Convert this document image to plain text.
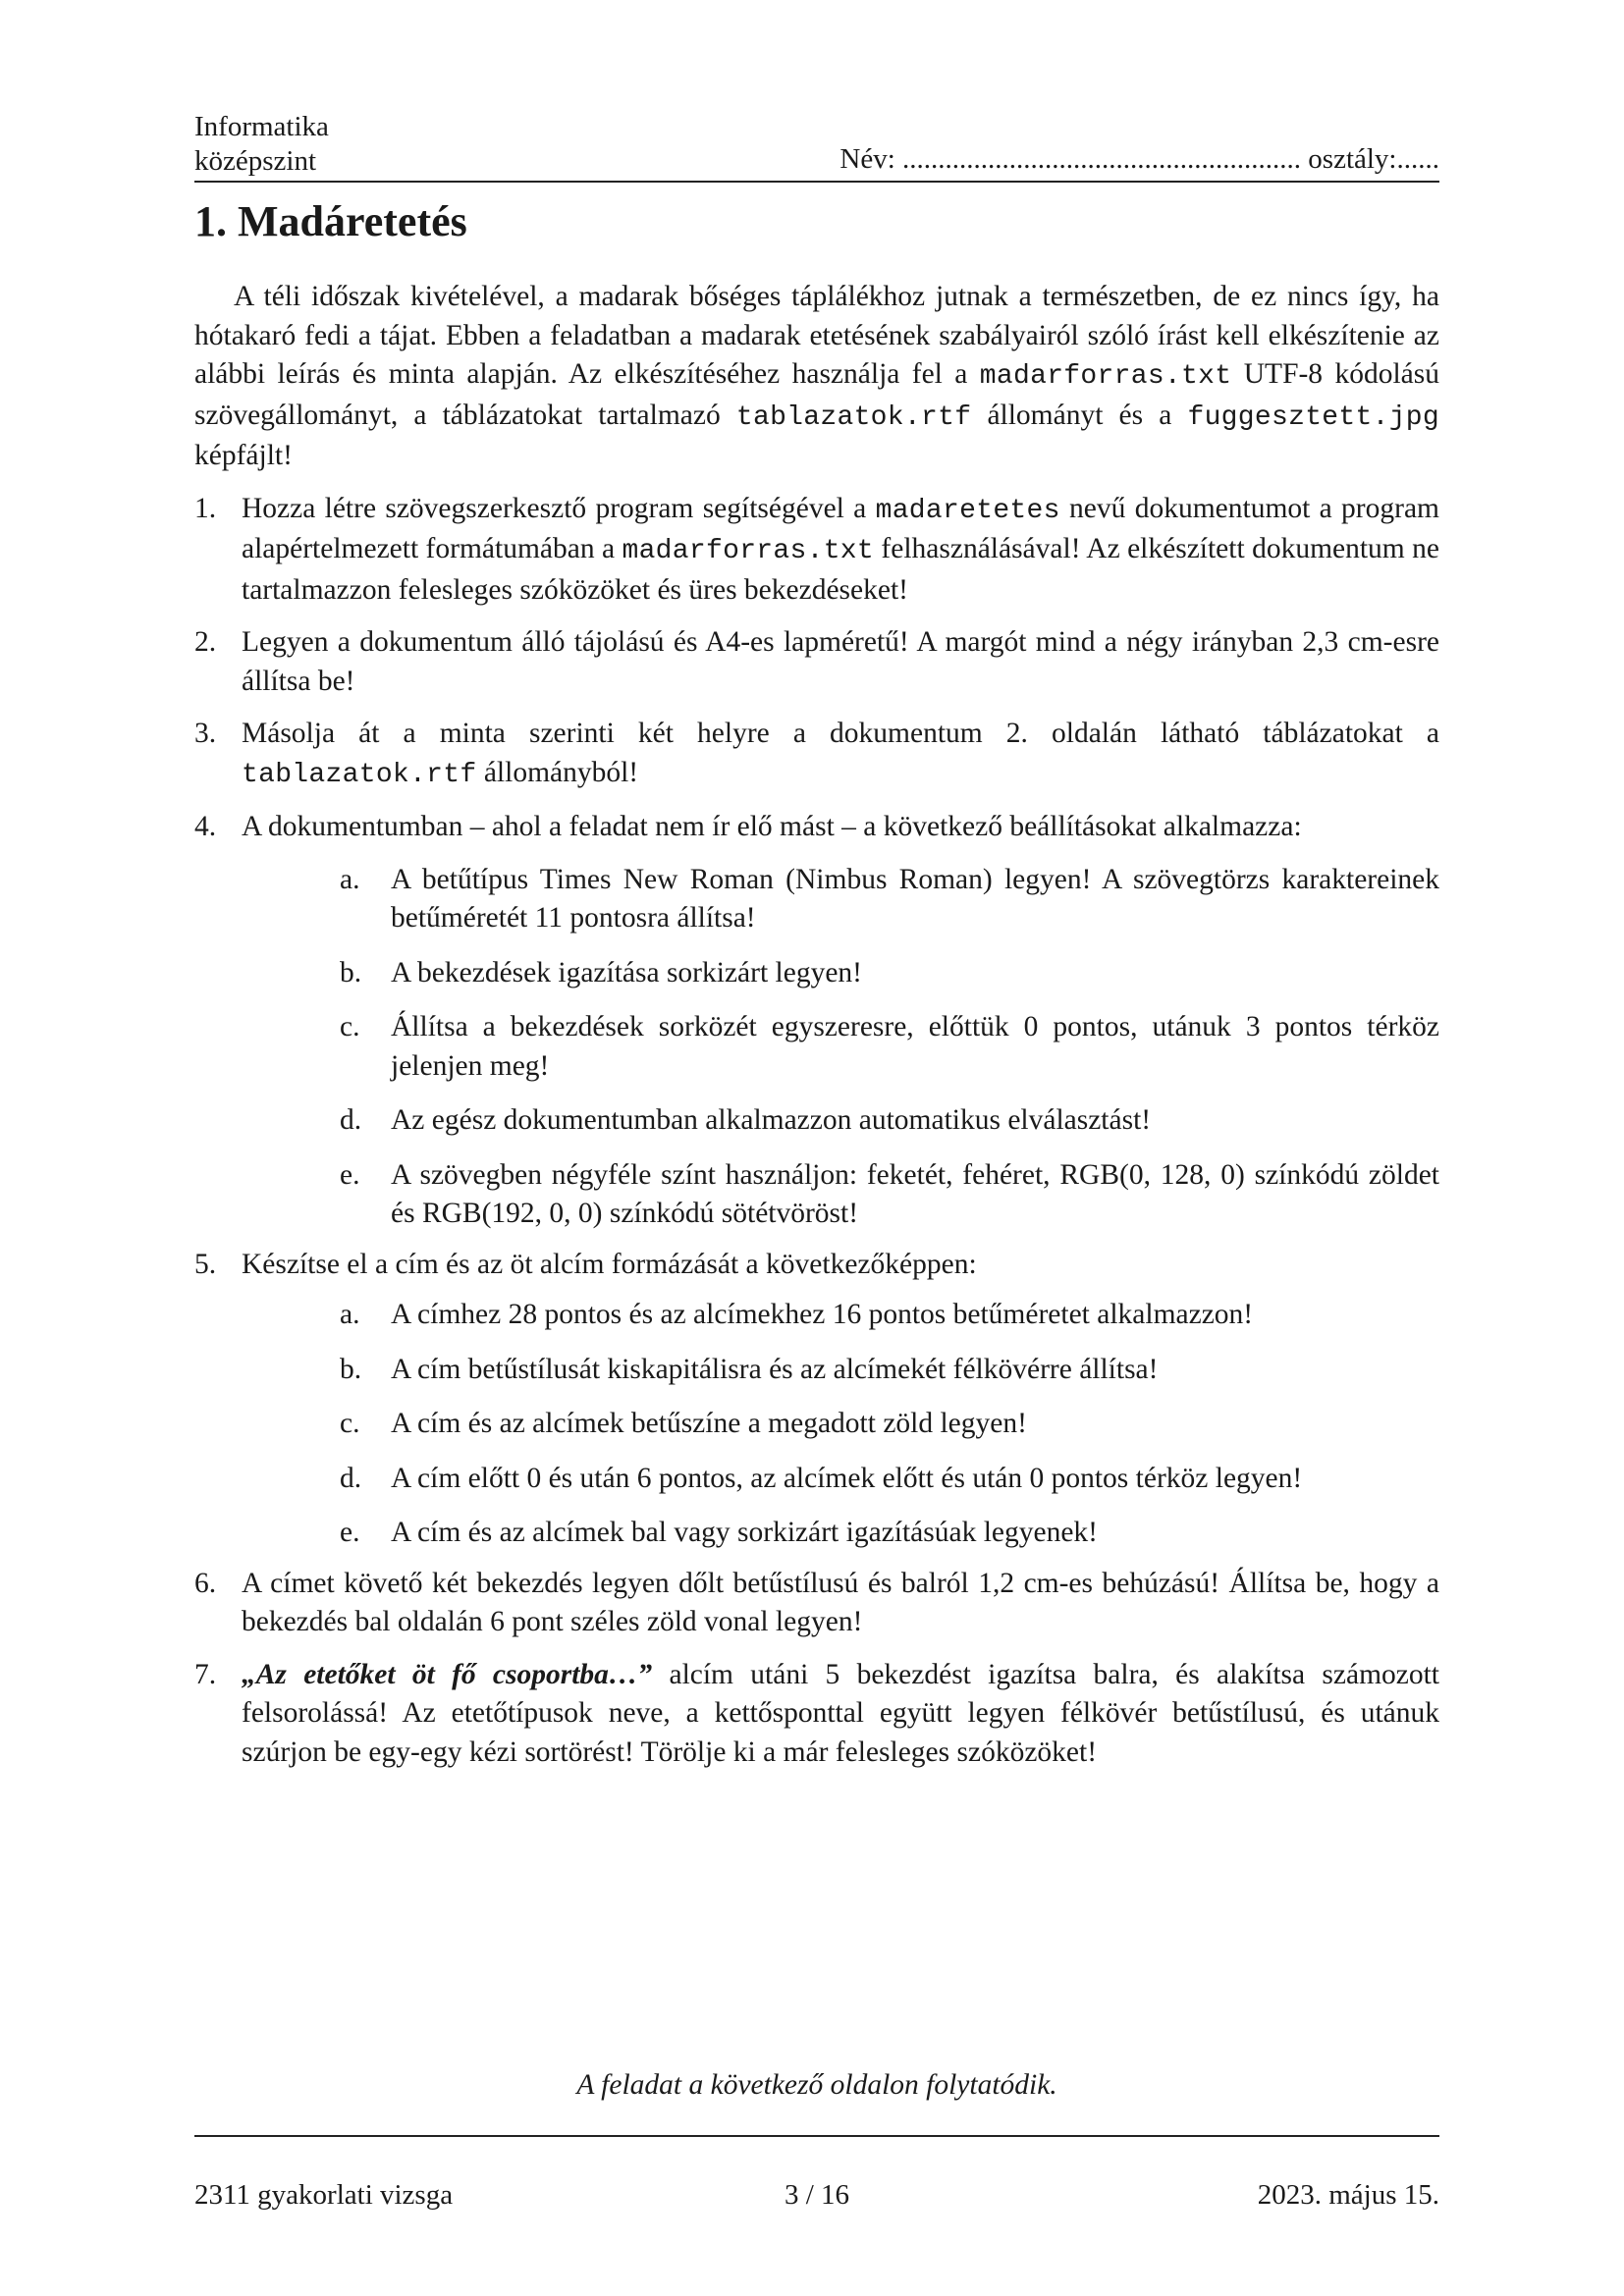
Informatika
középszint	Név: ........................................................ osztály:......
1. Madáretetés

A téli időszak kivételével, a madarak bőséges táplálékhoz jutnak a természetben, de ez nincs így, ha hótakaró fedi a tájat. Ebben a feladatban a madarak etetésének szabályairól szóló írást kell elkészítenie az alábbi leírás és minta alapján. Az elkészítéséhez használja fel a madarforras.txt UTF-8 kódolású szövegállományt, a táblázatokat tartalmazó tablazatok.rtf állományt és a fuggesztett.jpg képfájlt!

1. Hozza létre szövegszerkesztő program segítségével a madaretetes nevű dokumentumot a program alapértelmezett formátumában a madarforras.txt felhasználásával! Az elkészített dokumentum ne tartalmazzon felesleges szóközöket és üres bekezdéseket!
2. Legyen a dokumentum álló tájolású és A4-es lapméretű! A margót mind a négy irányban 2,3 cm-esre állítsa be!
3. Másolja át a minta szerinti két helyre a dokumentum 2. oldalán látható táblázatokat a tablazatok.rtf állományból!
4. A dokumentumban – ahol a feladat nem ír elő mást – a következő beállításokat alkalmazza:
a.	A betűtípus Times New Roman (Nimbus Roman) legyen! A szövegtörzs karaktereinek betűméretét 11 pontosra állítsa!
b.	A bekezdések igazítása sorkizárt legyen!
c.	Állítsa a bekezdések sorközét egyszeresre, előttük 0 pontos, utánuk 3 pontos térköz jelenjen meg!
d.	Az egész dokumentumban alkalmazzon automatikus elválasztást!
e.	A szövegben négyféle színt használjon: feketét, fehéret, RGB(0, 128, 0) színkódú zöldet és RGB(192, 0, 0) színkódú sötétvöröst!
5. Készítse el a cím és az öt alcím formázását a következőképpen:
a.	A címhez 28 pontos és az alcímekhez 16 pontos betűméretet alkalmazzon!
b.	A cím betűstílusát kiskapitálisra és az alcímekét félkövérre állítsa!
c.	A cím és az alcímek betűszíne a megadott zöld legyen!
d.	A cím előtt 0 és után 6 pontos, az alcímek előtt és után 0 pontos térköz legyen!
e.	A cím és az alcímek bal vagy sorkizárt igazításúak legyenek!
6. A címet követő két bekezdés legyen dőlt betűstílusú és balról 1,2 cm-es behúzású! Állítsa be, hogy a bekezdés bal oldalán 6 pont széles zöld vonal legyen!
7. „Az etetőket öt fő csoportba…” alcím utáni 5 bekezdést igazítsa balra, és alakítsa számozott felsorolássá! Az etetőtípusok neve, a kettősponttal együtt legyen félkövér betűstílusú, és utánuk szúrjon be egy-egy kézi sortörést! Törölje ki a már felesleges szóközöket!
A feladat a következő oldalon folytatódik.
2311 gyakorlati vizsga	3 / 16	2023. május 15.
